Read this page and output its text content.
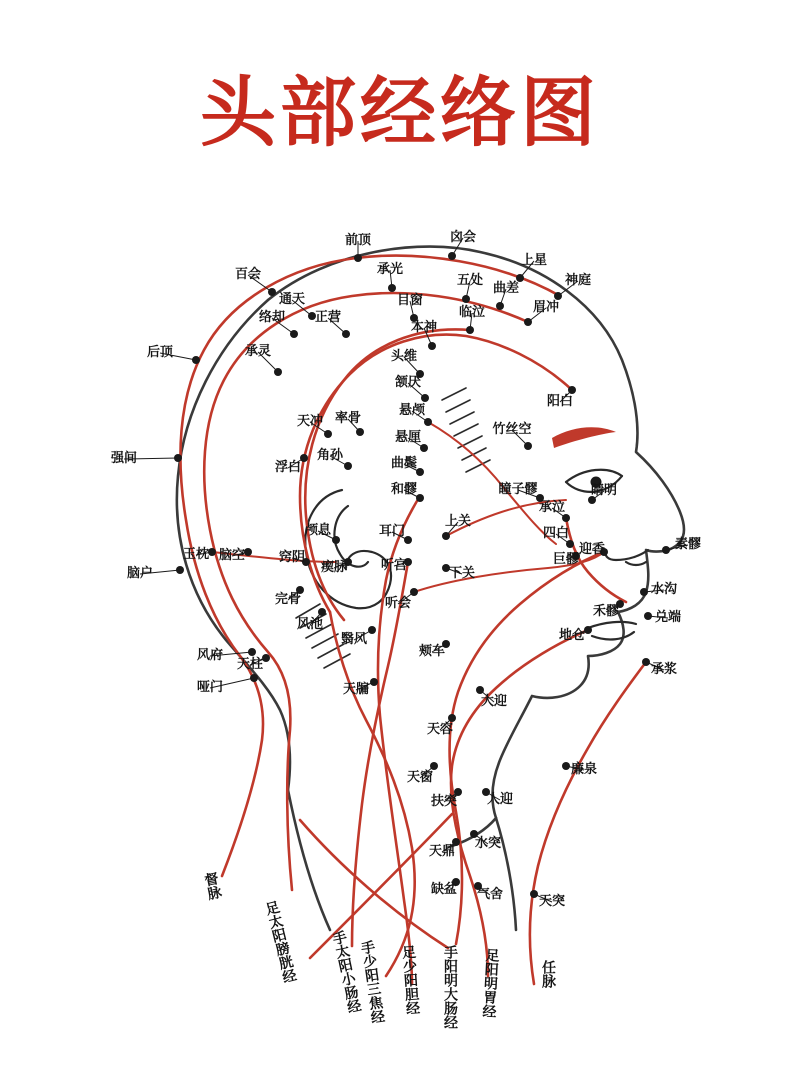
头部经络图
前顶	囟会
上星
神庭
百会	承光
五处
曲差
眉冲
通天	目窗
临泣
络却 正营
本神
后顶	承灵	头维
颔厌
阳白
天冲 率骨
悬颅
悬厘
强间
浮白
角孙
曲鬓
竹丝空
和髎	瞳子髎	睛明
颅息	耳门
上关
承泣
四白
玉枕 脑空
瘈脉	听宫	巨髎
迎香	素髎
脑户
窍阴
下关
听会
完骨
水沟
禾髎	兑端
地仓
风池
翳风
风府
天柱
哑门
颊车
承浆
天牖
大迎
天容
廉泉
天窗
扶突 人迎
水突
天鼎
气舍
缺盆
天突
督脉
足太阳膀胱经 手太阳小肠经
手少阳三焦经 足少阳胆经 手阳明大肠经 足阳明胃经	任脉
